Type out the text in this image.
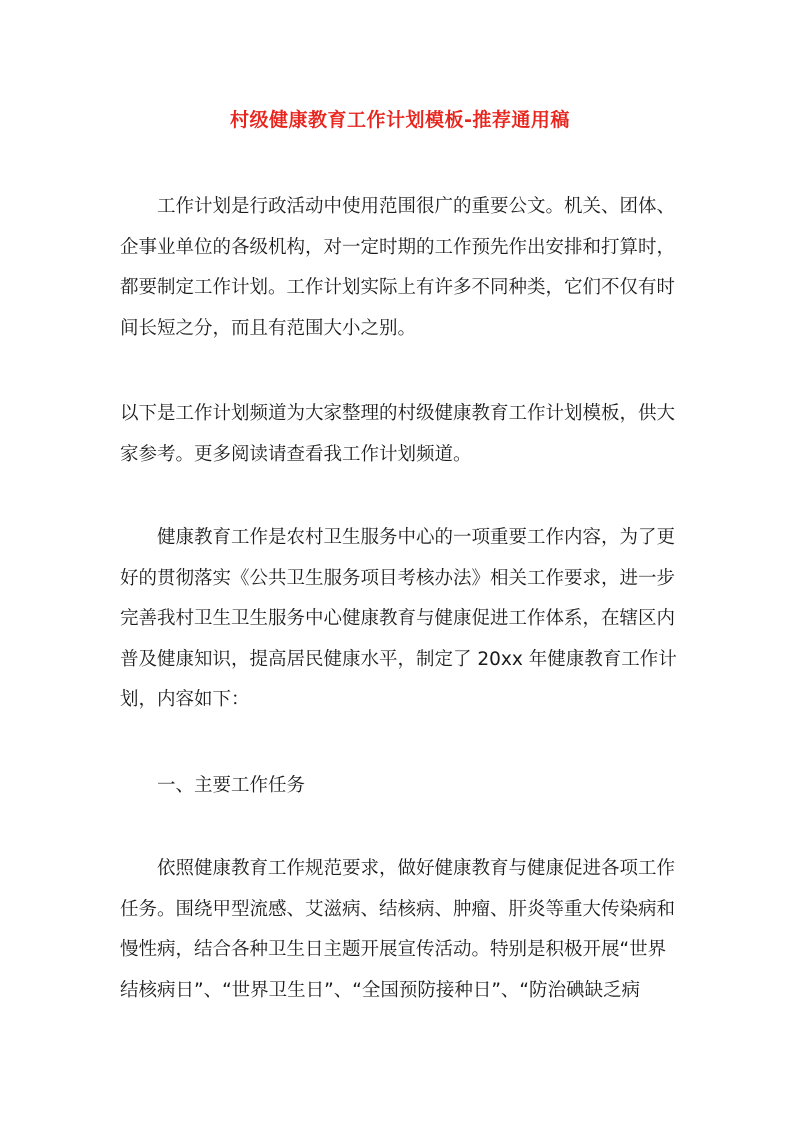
村级健康教育工作计划模板-推荐通用稿
工作计划是行政活动中使用范围很广的重要公文。机关、团体、
企事业单位的各级机构，对一定时期的工作预先作出安排和打算时，
都要制定工作计划。工作计划实际上有许多不同种类，它们不仅有时
间长短之分，而且有范围大小之别。
以下是工作计划频道为大家整理的村级健康教育工作计划模板，供大
家参考。更多阅读请查看我工作计划频道。
健康教育工作是农村卫生服务中心的一项重要工作内容，为了更
好的贯彻落实《公共卫生服务项目考核办法》相关工作要求，进一步
完善我村卫生卫生服务中心健康教育与健康促进工作体系，在辖区内
普及健康知识，提高居民健康水平，制定了 20xx 年健康教育工作计
划，内容如下：
一、主要工作任务
依照健康教育工作规范要求，做好健康教育与健康促进各项工作
任务。围绕甲型流感、艾滋病、结核病、肿瘤、肝炎等重大传染病和
慢性病，结合各种卫生日主题开展宣传活动。特别是积极开展“世界
结核病日”、“世界卫生日”、“全国预防接种日”、“防治碘缺乏病
